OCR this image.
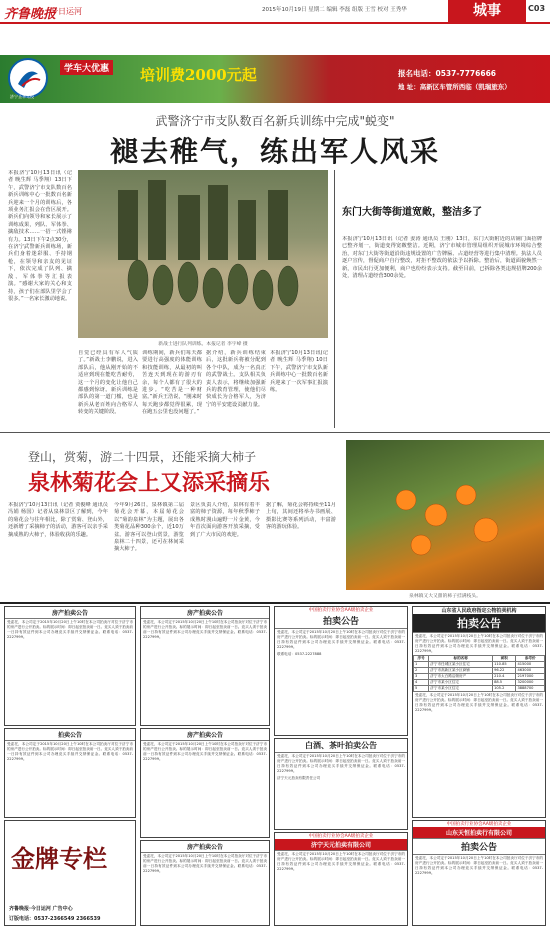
齐鲁晚报
今日运河	2015年10月19日 星期二 编辑 李磊 组版 王雪 校对 王秀华	城事	C03
济宁圣华驾校
学车大优惠 培训费2000元起	报名电话：0537-7776666
地 址：高新区车管所西临（凯瑞旅东）
武警济宁市支队数百名新兵训练中完成"蜕变"
褪去稚气，练出军人风采
本报济宁10月13日讯（记者 晚生辉 马季翔）13日下午，武警济宁市支队数百名新兵训练中心一批数百名新兵迎来一个月的训练后，各项业务汇报会在营区展开。新兵们向领导和家长展示了训练成果，列队、军体拳、擒敌技术……一招一式铿锵有力。13日下午2点30分，在济宁武警新兵训练场，新兵们身着迷彩服、手持钢枪，在领导和亲友的见证下，依次完成了队列、擒敌、军体拳等汇报表演。“感谢大家的关心和支持，孩子们在部队里学会了很多。”一名家长激动地说。
新战士进行队列训练。本报记者 李宇峰 摄
自觉已经具有军人气质了。”新战士李鹏说，进入部队后，他从刚开始的不适应到现在能吃苦耐劳，这一个月的变化让他自己都感到惊讶。新兵训练是部队的第一道门槛，也是新兵从老百姓向合格军人转变的关键阶段。
训练期间，新兵们每天都要进行高强度的体能训练和技能训练，从最初的叫苦连天到现在的游刃有余，每个人都有了很大的进步。“吃苦是一种财富。”新兵王浩说，“刚来时每天跑步都觉得很累，现在跑五公里也没问题了。”
据介绍，新兵训练结束后，这批新兵将被分配到各个中队，成为一名真正的武警战士。支队相关负责人表示，将继续加强新兵的教育管理，使他们尽快成长为合格军人，为济宁的平安建设贡献力量。
本报济宁10月13日讯(记者 晚生辉 马季翔) 10日下午，武警济宁市支队新兵训练中心一批数百名新兵迎来了一次军事汇报演练。
东门大街等街道宽敞，整洁多了
本报济宁10月13日讯（记者 姜涛 通讯员 王刚）13日，东门大街附近的店铺门面招牌已整齐划一，街道变得宽敞整洁。近期，济宁市城市管理局组织开展城市环境综合整治，对东门大街等街道沿街违规设置的广告牌匾、占道经营等进行集中清理。执法人员逐户宣传，督促商户自行整改，对拒不整改的依法予以拆除。整治后，街道面貌焕然一新，市民出行更加便利，商户也纷纷表示支持。截至目前，已拆除各类违规招牌200余处，清理占道经营300余处。
登山，赏菊，游二十四景，还能采摘大柿子
泉林菊花会上又添采摘乐
本报济宁10月13日讯（记者 贾俊峰 通讯员 冯娟 杨国）记者从泉林景区了解到，今年的菊花会与往年相比，除了赏菊、登山外，还新增了采摘柿子的活动，游客可以亲手采摘成熟的大柿子，体验收获的乐趣。
今年9月26日，泉林镇第二届菊花会开幕，本届菊花会以“菊韵泉林”为主题，展出各类菊花品种300余个，近10万盆。游客可以登山赏景，游览泉林二十四景，还可在林间采摘大柿子。
景区负责人介绍，泉林有着丰富的柿子资源，每年秋季柿子成熟时漫山遍野一片金黄，今年首次面向游客开放采摘，受到了广大市民的欢迎。
据了解，菊花会将持续至11月上旬，其间还将举办书画展、摄影比赛等系列活动，丰富游客的游玩体验。
泉林镇又大又甜的柿子挂满枝头。
房产拍卖公告
受委托，本公司定于2015年10月20日上午10时在本公司拍卖厅对位于济宁市的房产进行公开拍卖。标的展示时间：即日起至拍卖前一日。竞买人须于拍卖前一日持有效证件到本公司办理竞买手续并交纳保证金。联系电话：0537-2227999。
拍卖公告
受委托，本公司定于2015年10月20日上午10时在本公司拍卖厅对位于济宁市的房产进行公开拍卖。标的展示时间：即日起至拍卖前一日。竞买人须于拍卖前一日持有效证件到本公司办理竞买手续并交纳保证金。联系电话：0537-2227999。
金牌专栏
齐鲁晚报·今日运河 广告中心
订版电话：0537-2366549 2366539
房产拍卖公告
受委托，本公司定于2015年10月20日上午10时在本公司拍卖厅对位于济宁市的房产进行公开拍卖。标的展示时间：即日起至拍卖前一日。竞买人须于拍卖前一日持有效证件到本公司办理竞买手续并交纳保证金。联系电话：0537-2227999。
房产拍卖公告
受委托，本公司定于2015年10月20日上午10时在本公司拍卖厅对位于济宁市的房产进行公开拍卖。标的展示时间：即日起至拍卖前一日。竞买人须于拍卖前一日持有效证件到本公司办理竞买手续并交纳保证金。联系电话：0537-2227999。
房产拍卖公告
受委托，本公司定于2015年10月20日上午10时在本公司拍卖厅对位于济宁市的房产进行公开拍卖。标的展示时间：即日起至拍卖前一日。竞买人须于拍卖前一日持有效证件到本公司办理竞买手续并交纳保证金。联系电话：0537-2227999。
中国拍卖行业协会AA级拍卖企业
拍卖公告
受委托，本公司定于2015年10月20日上午10时在本公司拍卖厅对位于济宁市的房产进行公开拍卖。标的展示时间：即日起至拍卖前一日。竞买人须于拍卖前一日持有效证件到本公司办理竞买手续并交纳保证金。联系电话：0537-2227999。
联系电话：0537-2227888
白酒、茶叶拍卖公告
受委托，本公司定于2015年10月20日上午10时在本公司拍卖厅对位于济宁市的房产进行公开拍卖。标的展示时间：即日起至拍卖前一日。竞买人须于拍卖前一日持有效证件到本公司办理竞买手续并交纳保证金。联系电话：0537-2227999。
济宁天元拍卖有限责任公司
中国拍卖行业协会AA级拍卖企业
济宁天元拍卖有限公司
受委托，本公司定于2015年10月20日上午10时在本公司拍卖厅对位于济宁市的房产进行公开拍卖。标的展示时间：即日起至拍卖前一日。竞买人须于拍卖前一日持有效证件到本公司办理竞买手续并交纳保证金。联系电话：0537-2227999。
山东省人民政府指定公物拍卖机构
拍卖公告
受委托，本公司定于2015年10月20日上午10时在本公司拍卖厅对位于济宁市的房产进行公开拍卖。标的展示时间：即日起至拍卖前一日。竞买人须于拍卖前一日持有效证件到本公司办理竞买手续并交纳保证金。联系电话：0537-2227999。
序号	标的名称	面积	参考价
1	济宁市任城区某小区住宅	110.85	415000
2	济宁市高新区某小区商铺	96.22	463000
3	济宁市太白路沿街房产	210.4	2197000
4	济宁市某小区住宅	88.5	3200000
5	济宁市某小区住宅	105.2	3888700
受委托，本公司定于2015年10月20日上午10时在本公司拍卖厅对位于济宁市的房产进行公开拍卖。标的展示时间：即日起至拍卖前一日。竞买人须于拍卖前一日持有效证件到本公司办理竞买手续并交纳保证金。联系电话：0537-2227999。
中国拍卖行业协会AA级拍卖企业
山东天恒拍卖行有限公司
拍卖公告
受委托，本公司定于2015年10月20日上午10时在本公司拍卖厅对位于济宁市的房产进行公开拍卖。标的展示时间：即日起至拍卖前一日。竞买人须于拍卖前一日持有效证件到本公司办理竞买手续并交纳保证金。联系电话：0537-2227999。
